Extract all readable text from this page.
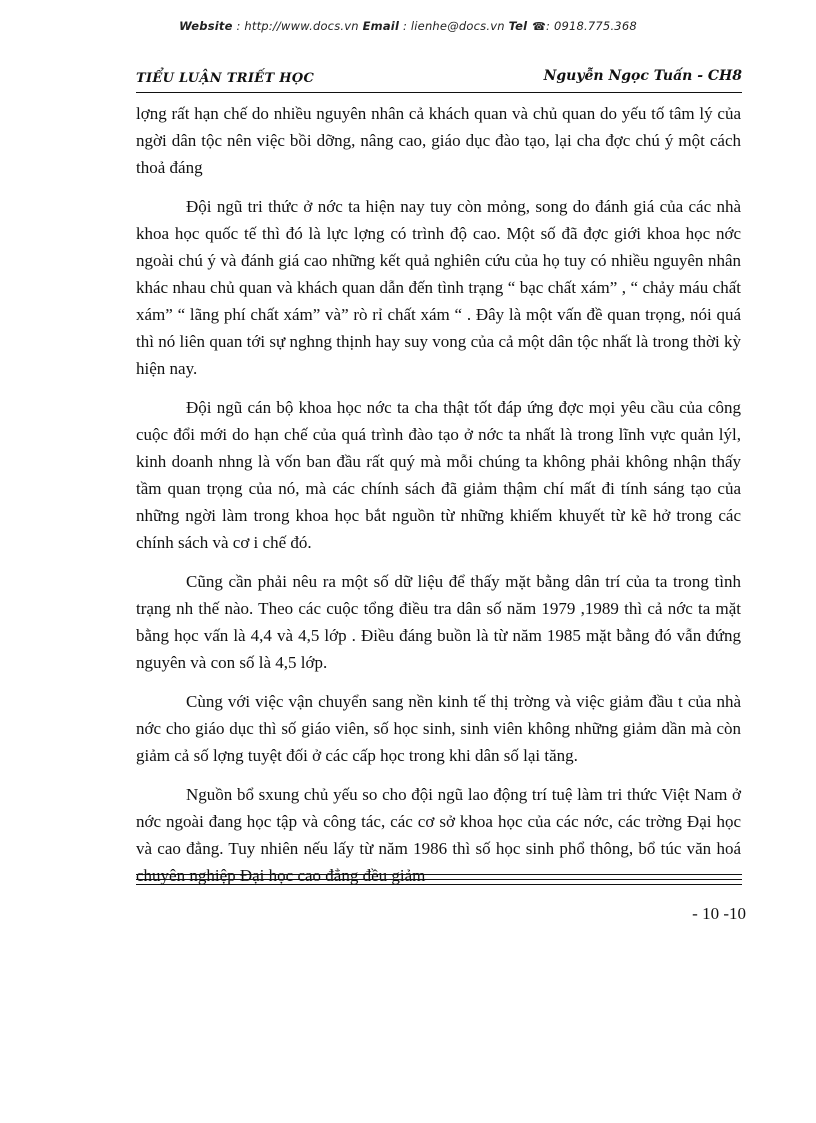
Website : http://www.docs.vn Email : lienhe@docs.vn Tel ☎: 0918.775.368
TIỂU LUẬN TRIẾT HỌC	Nguyễn Ngọc Tuấn - CH8

lợng rất hạn chế do nhiều nguyên nhân cả khách quan và chủ quan do yếu tố tâm lý của ngời dân tộc nên việc bồi dỡng, nâng cao, giáo dục đào tạo, lại cha đợc chú ý một cách thoả đáng

Đội ngũ tri thức ở nớc ta hiện nay tuy còn mỏng, song do đánh giá của các nhà khoa học quốc tế thì đó là lực lợng có trình độ cao. Một số đã đợc giới khoa học nớc ngoài chú ý và đánh giá cao những kết quả nghiên cứu của họ tuy có nhiều nguyên nhân khác nhau chủ quan và khách quan dẫn đến tình trạng “ bạc chất xám” , “ chảy máu chất xám” “ lãng phí chất xám” và” rò rỉ chất xám “ . Đây là một vấn đề quan trọng, nói quá thì nó liên quan tới sự nghng thịnh hay suy vong của cả một dân tộc nhất là trong thời kỳ hiện nay.

Đội ngũ cán bộ khoa học nớc ta cha thật tốt đáp ứng đợc mọi yêu cầu của công cuộc đổi mới do hạn chế của quá trình đào tạo ở nớc ta nhất là trong lĩnh vực quản lýl, kinh doanh nhng là vốn ban đầu rất quý mà mỗi chúng ta không phải không nhận thấy tầm quan trọng của nó, mà các chính sách đã giảm thậm chí mất đi tính sáng tạo của những ngời làm trong khoa học bắt nguồn từ những khiếm khuyết từ kẽ hở trong các chính sách và cơ i chế đó.

Cũng cần phải nêu ra một số dữ liệu để thấy mặt bằng dân trí của ta trong tình trạng nh thế nào. Theo các cuộc tổng điều tra dân số năm 1979 ,1989 thì cả nớc ta mặt bằng học vấn là 4,4 và 4,5 lớp . Điều đáng buồn là từ năm 1985 mặt bằng đó vẫn đứng nguyên và con số là 4,5 lớp.

Cùng với việc vận chuyển sang nền kinh tế thị trờng và việc giảm đầu t của nhà nớc cho giáo dục thì số giáo viên, số học sinh, sinh viên không những giảm dần mà còn giảm cả số lợng tuyệt đối ở các cấp học trong khi dân số lại tăng.

Nguồn bổ sxung chủ yếu so cho đội ngũ lao động trí tuệ làm tri thức Việt Nam ở nớc ngoài đang học tập và công tác, các cơ sở khoa học của các nớc, các trờng Đại học và cao đẳng. Tuy nhiên nếu lấy từ năm 1986 thì số học sinh phổ thông, bổ túc văn hoá chuyên nghiệp Đại học cao đẳng đều giảm

- 10 -10
